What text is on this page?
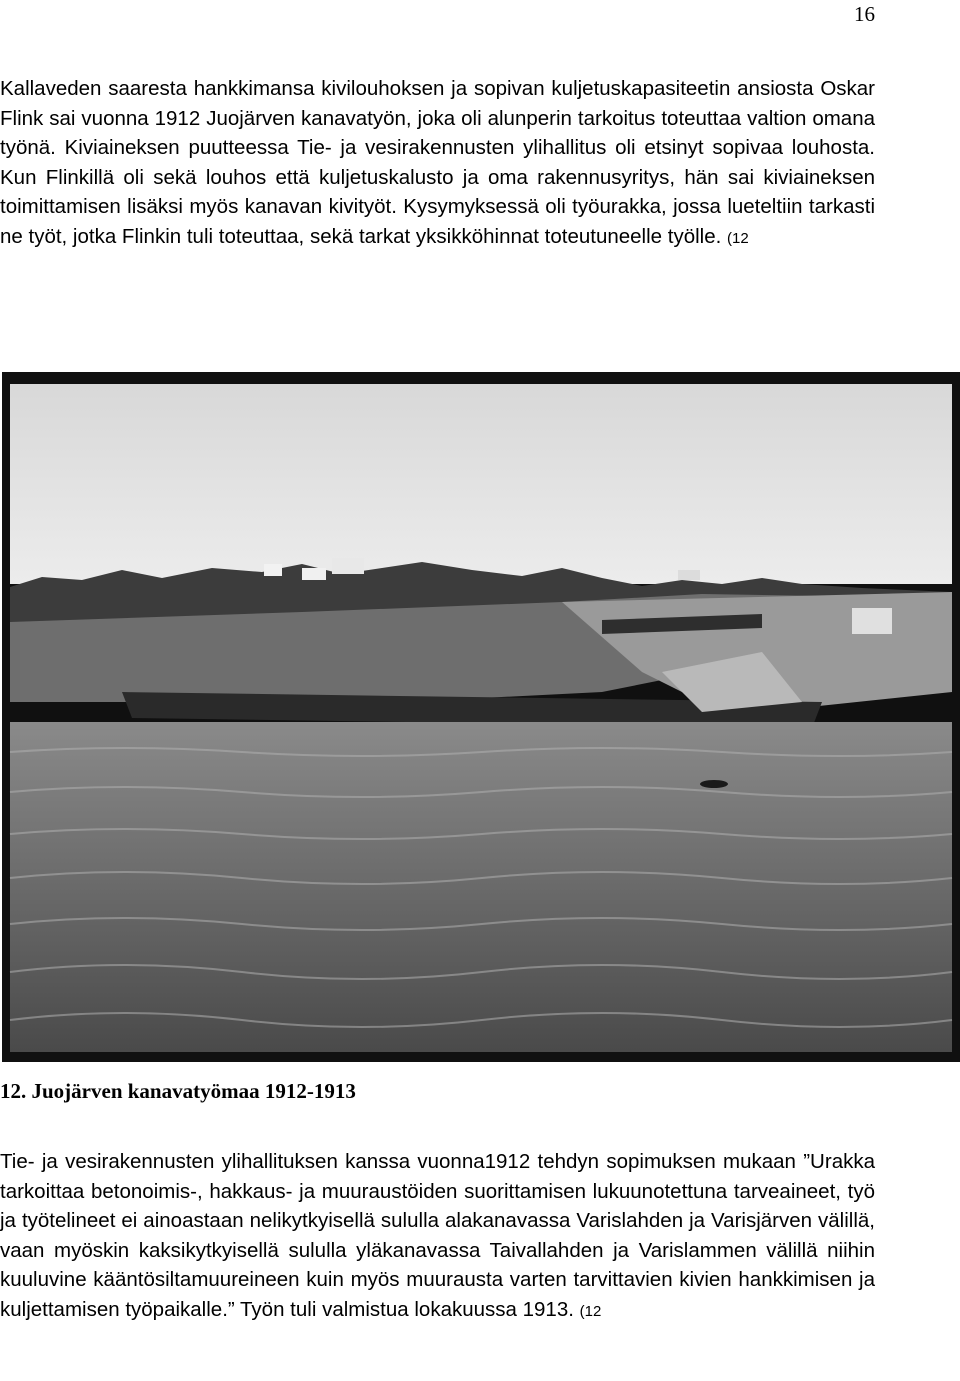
16

Kallaveden saaresta hankkimansa kivilouhoksen ja sopivan kuljetuskapasiteetin ansiosta Oskar Flink sai vuonna 1912 Juojärven kanavatyön, joka oli alunperin tarkoitus toteuttaa valtion omana työnä. Kiviaineksen puutteessa Tie- ja vesirakennusten ylihallitus oli etsinyt sopivaa louhosta. Kun Flinkillä oli sekä louhos että kuljetuskalusto ja oma rakennusyritys, hän sai kiviaineksen toimittamisen lisäksi myös kanavan kivityöt. Kysymyksessä oli työurakka, jossa lueteltiin tarkasti ne työt, jotka Flinkin tuli toteuttaa, sekä tarkat yksikköhinnat toteutuneelle työlle. (12

12. Juojärven kanavatyömaa 1912-1913

Tie- ja vesirakennusten ylihallituksen kanssa vuonna1912 tehdyn sopimuksen mukaan ”Urakka tarkoittaa betonoimis-, hakkaus- ja muuraustöiden suorittamisen lukuunotettuna tarveaineet, työ ja työtelineet ei ainoastaan nelikytkyisellä sululla alakanavassa Varislahden ja Varisjärven välillä, vaan myöskin kaksikytkyisellä sululla yläkanavassa Taivallahden ja Varislammen välillä niihin kuuluvine kääntösiltamuureineen kuin myös muurausta varten tarvittavien kivien hankkimisen ja kuljettamisen työpaikalle.” Työn tuli valmistua lokakuussa 1913. (12
